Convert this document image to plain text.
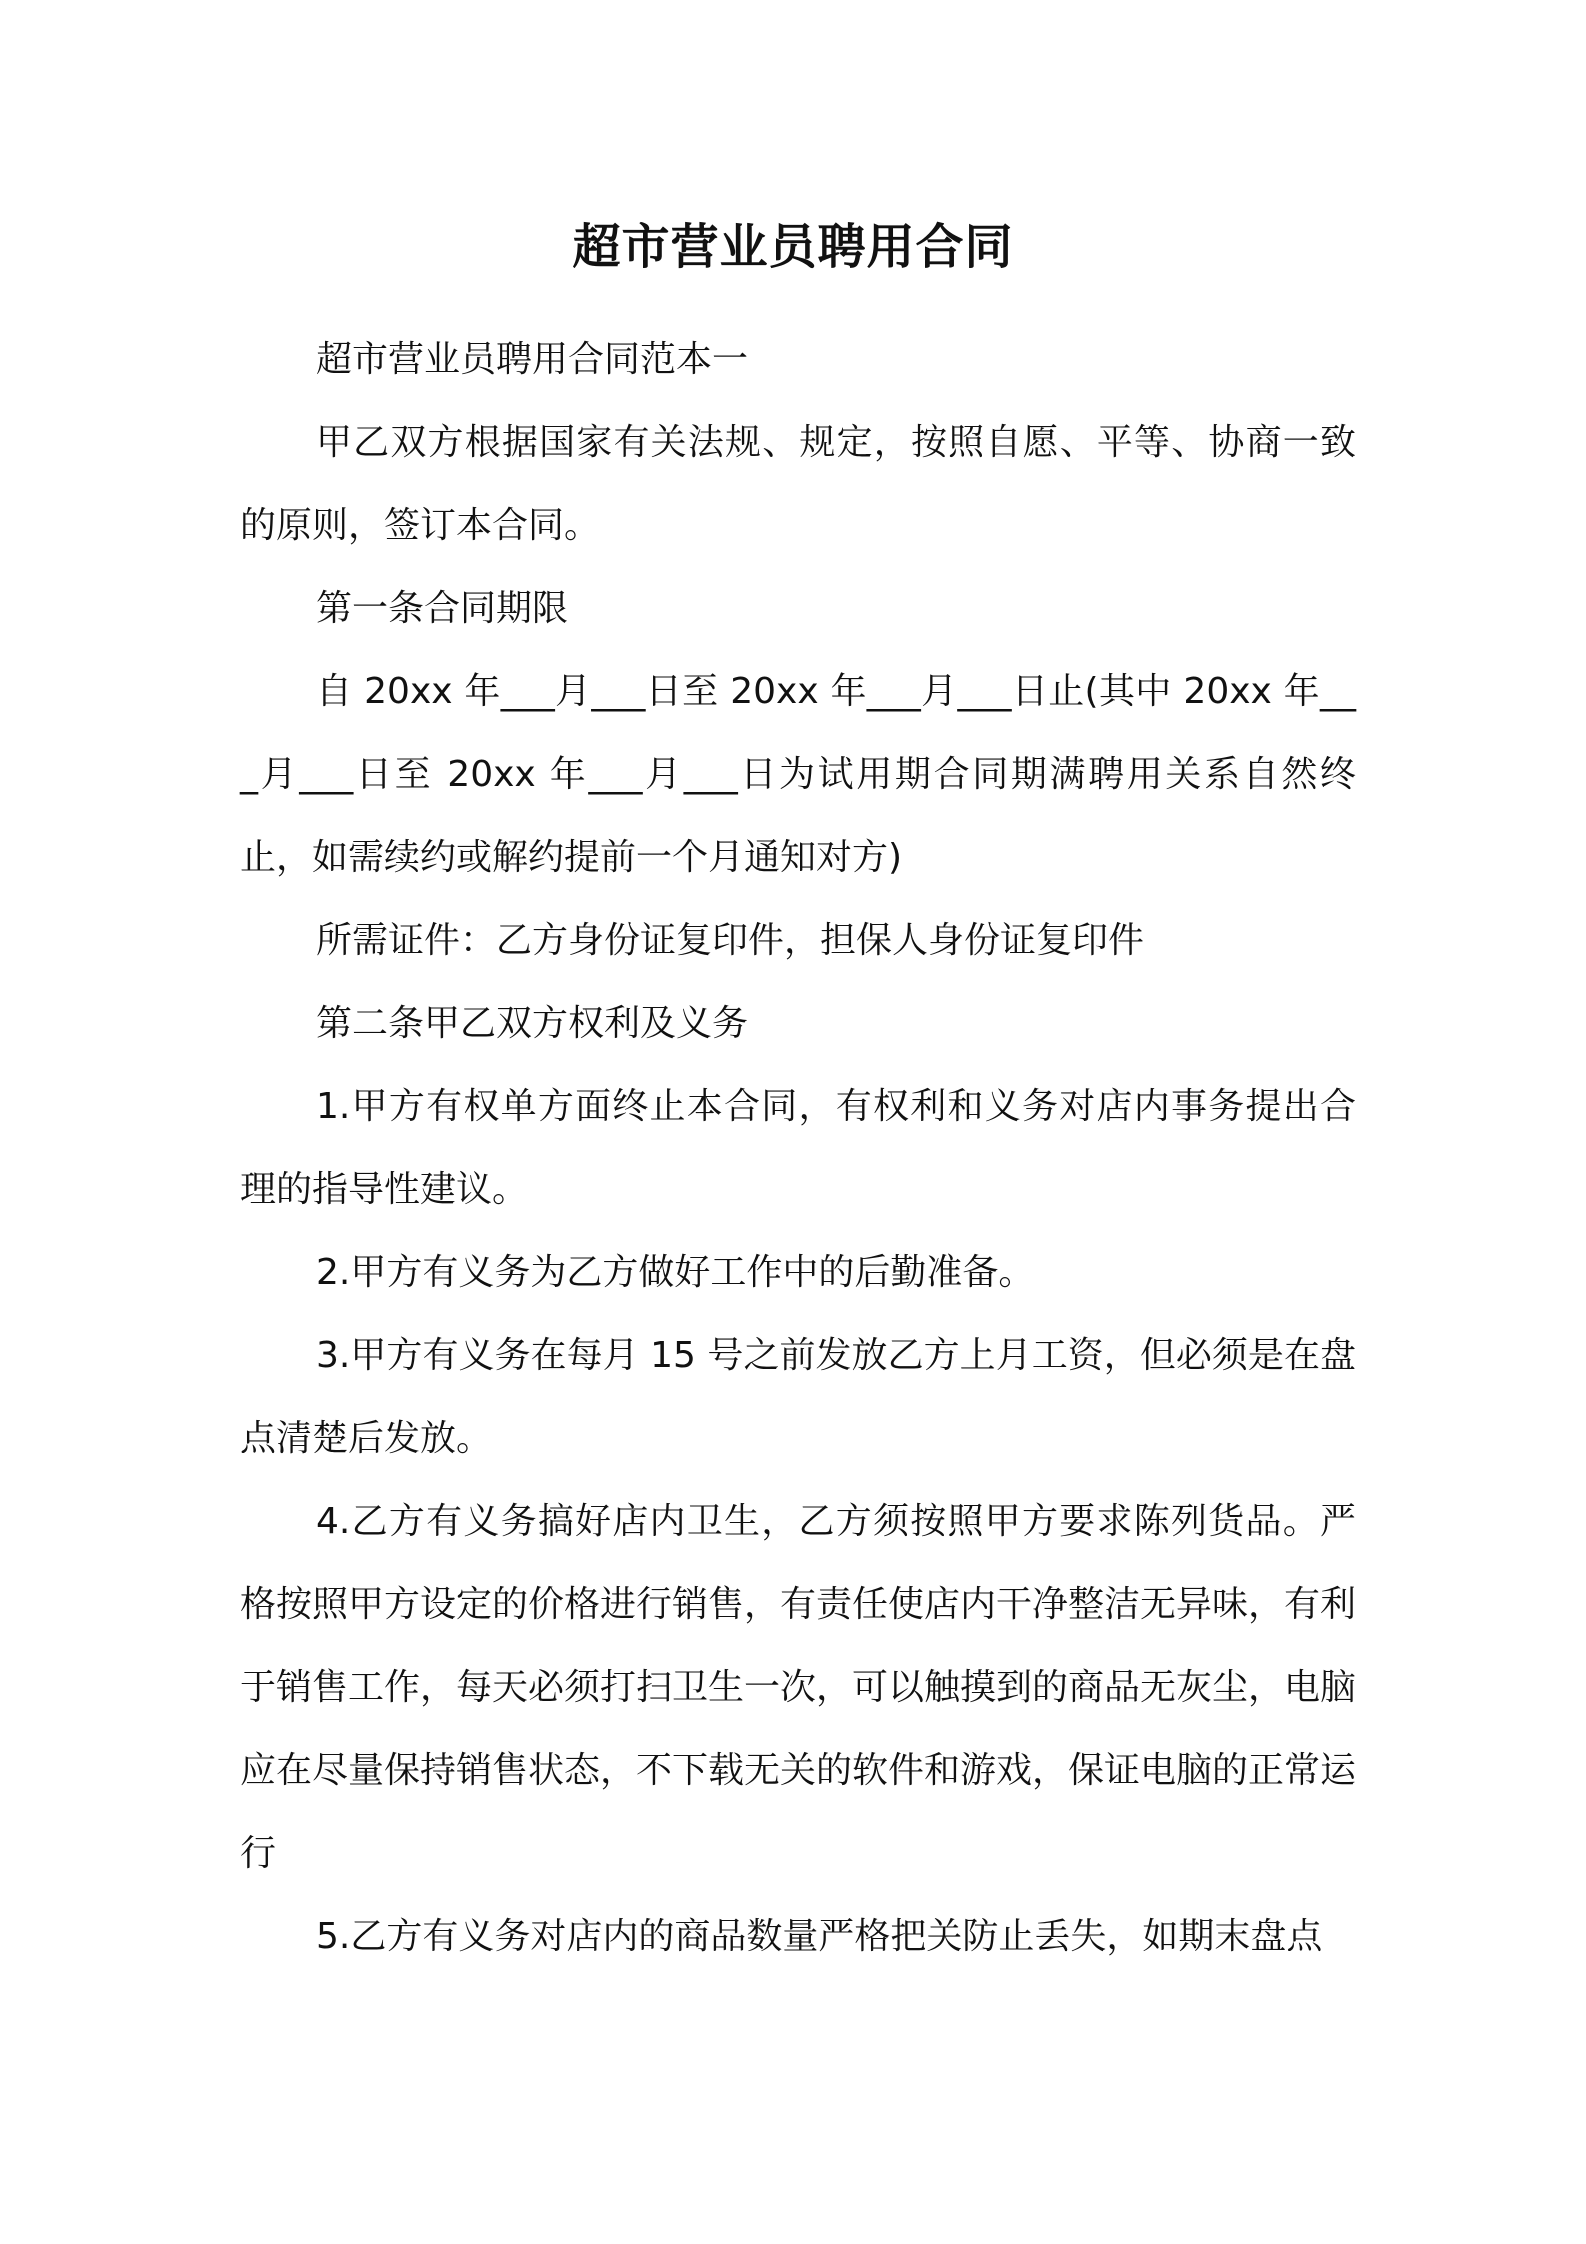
超市营业员聘用合同

超市营业员聘用合同范本一

甲乙双方根据国家有关法规、规定，按照自愿、平等、协商一致的原则，签订本合同。

第一条合同期限

自 20xx 年___月___日至 20xx 年___月___日止(其中 20xx 年___月___日至 20xx 年___月___日为试用期合同期满聘用关系自然终止，如需续约或解约提前一个月通知对方)

所需证件：乙方身份证复印件，担保人身份证复印件

第二条甲乙双方权利及义务

1.甲方有权单方面终止本合同，有权利和义务对店内事务提出合理的指导性建议。

2.甲方有义务为乙方做好工作中的后勤准备。

3.甲方有义务在每月 15 号之前发放乙方上月工资，但必须是在盘点清楚后发放。

4.乙方有义务搞好店内卫生，乙方须按照甲方要求陈列货品。严格按照甲方设定的价格进行销售，有责任使店内干净整洁无异味，有利于销售工作，每天必须打扫卫生一次，可以触摸到的商品无灰尘，电脑应在尽量保持销售状态，不下载无关的软件和游戏，保证电脑的正常运行

5.乙方有义务对店内的商品数量严格把关防止丢失，如期末盘点
